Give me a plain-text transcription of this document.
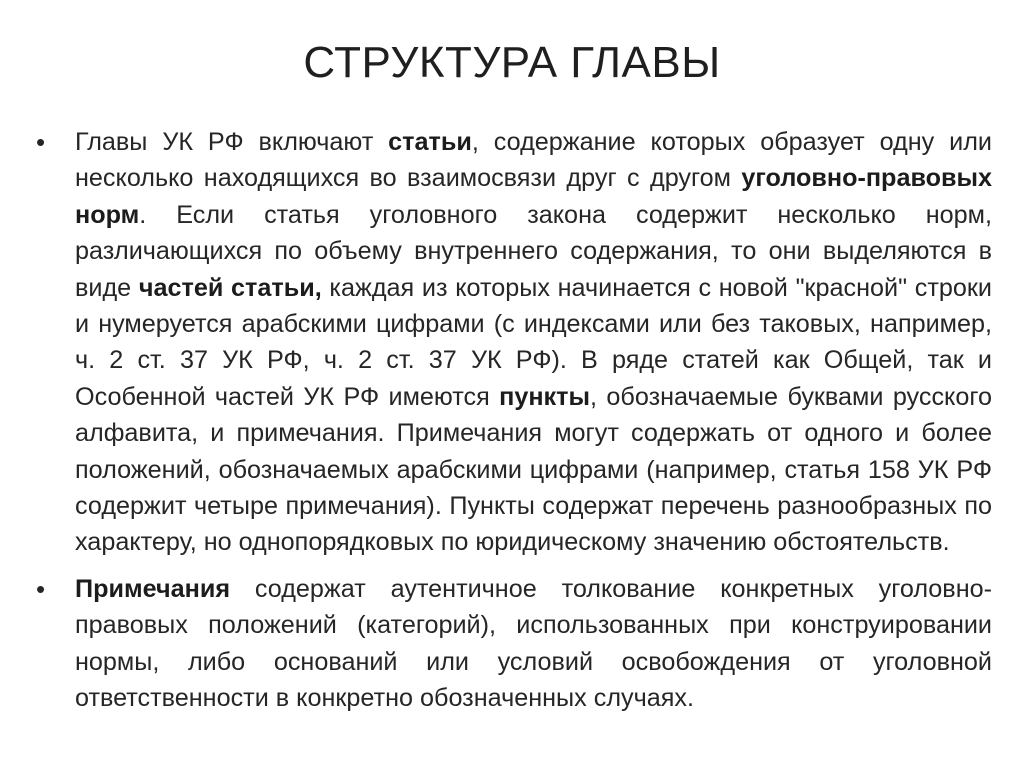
СТРУКТУРА ГЛАВЫ
• Главы УК РФ включают статьи, содержание которых образует одну или несколько находящихся во взаимосвязи друг с другом уголовно-правовых норм. Если статья уголовного закона содержит несколько норм, различающихся по объему внутреннего содержания, то они выделяются в виде частей статьи, каждая из которых начинается с новой "красной" строки и нумеруется арабскими цифрами (с индексами или без таковых, например, ч. 2 ст. 37 УК РФ, ч. 2 ст. 37 УК РФ). В ряде статей как Общей, так и Особенной частей УК РФ имеются пункты, обозначаемые буквами русского алфавита, и примечания. Примечания могут содержать от одного и более положений, обозначаемых арабскими цифрами (например, статья 158 УК РФ содержит четыре примечания). Пункты содержат перечень разнообразных по характеру, но однопорядковых по юридическому значению обстоятельств.
• Примечания содержат аутентичное толкование конкретных уголовно-правовых положений (категорий), использованных при конструировании нормы, либо оснований или условий освобождения от уголовной ответственности в конкретно обозначенных случаях.
